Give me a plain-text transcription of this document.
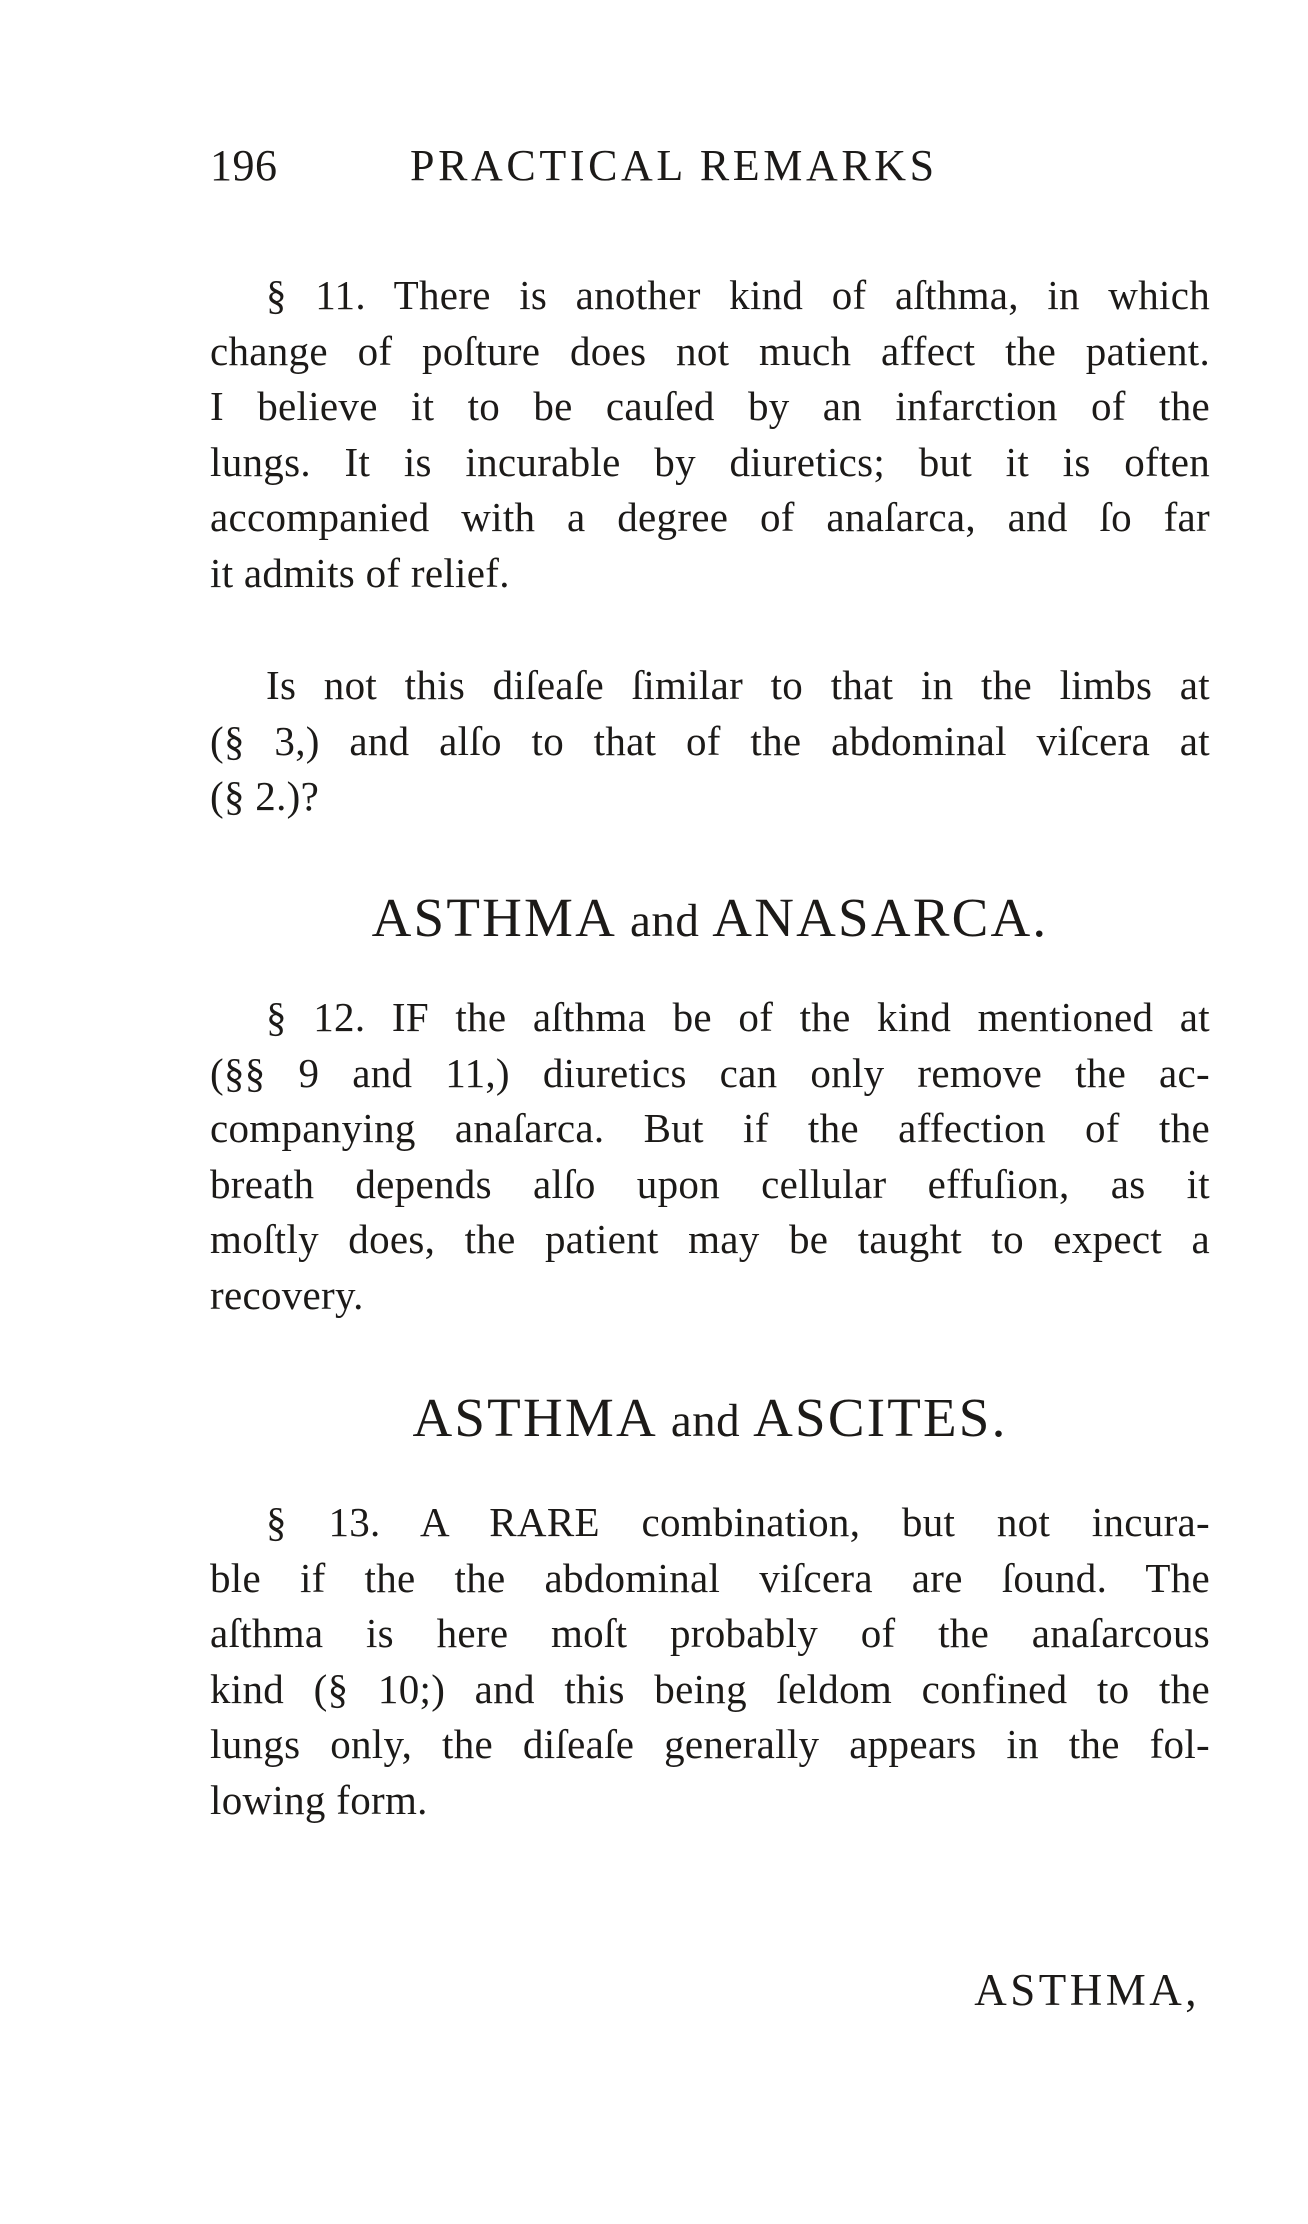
196	PRACTICAL REMARKS
§ 11. There is another kind of aſthma, in which
change of poſture does not much affect the patient.
I believe it to be cauſed by an infarction of the
lungs. It is incurable by diuretics; but it is often
accompanied with a degree of anaſarca, and ſo far
it admits of relief.
Is not this diſeaſe ſimilar to that in the limbs at
(§ 3,) and alſo to that of the abdominal viſcera at
(§ 2.)?
ASTHMA and ANASARCA.
§ 12. IF the aſthma be of the kind mentioned at
(§§ 9 and 11,) diuretics can only remove the ac-
companying anaſarca. But if the affection of the
breath depends alſo upon cellular effuſion, as it
moſtly does, the patient may be taught to expect a
recovery.
ASTHMA and ASCITES.
§ 13. A RARE combination, but not incura-
ble if the the abdominal viſcera are ſound. The
aſthma is here moſt probably of the anaſarcous
kind (§ 10;) and this being ſeldom confined to the
lungs only, the diſeaſe generally appears in the fol-
lowing form.
ASTHMA,
